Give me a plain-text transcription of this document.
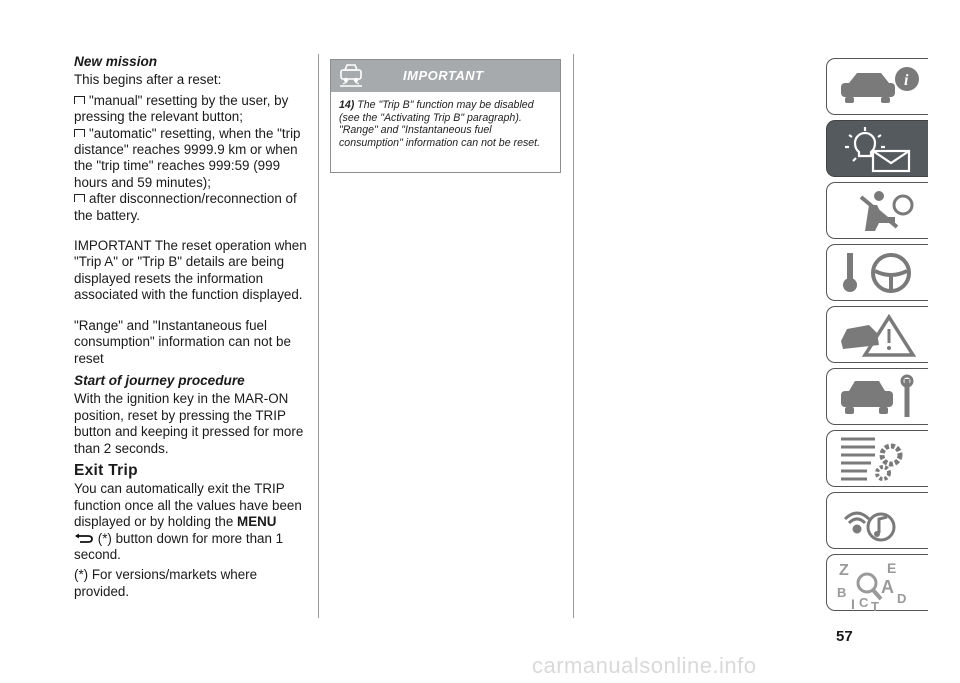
New mission

This begins after a reset:

"manual" resetting by the user, by pressing the relevant button;
"automatic" resetting, when the "trip distance" reaches 9999.9 km or when the "trip time" reaches 999:59 (999 hours and 59 minutes);
after disconnection/reconnection of the battery.

IMPORTANT The reset operation when "Trip A" or "Trip B" details are being displayed resets the information associated with the function displayed.

"Range" and "Instantaneous fuel consumption" information can not be reset

Start of journey procedure

With the ignition key in the MAR-ON position, reset by pressing the TRIP button and keeping it pressed for more than 2 seconds.

Exit Trip

You can automatically exit the TRIP function once all the values have been displayed or by holding the MENU
(*) button down for more than 1 second.

(*) For versions/markets where provided.

IMPORTANT
14) The "Trip B" function may be disabled (see the "Activating Trip B" paragraph). "Range" and "Instantaneous fuel consumption" information can not be reset.
i
Z	E
B A
I C T
D
57
carmanualsonline.info
